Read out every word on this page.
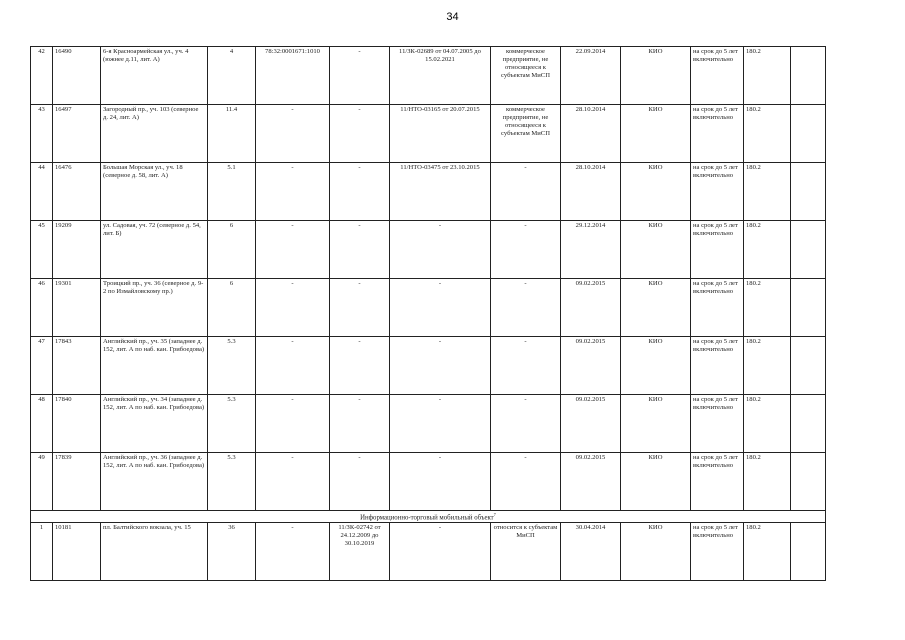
34
42	16490	6-я Красноармейская ул., уч. 4 (южнее д.11, лит. А)	4	78:32:0001671:1010	-	11/ЗК-02689 от 04.07.2005 до 15.02.2021	коммерческое предприятие, не относящееся к субъектам МиСП	22.09.2014	КИО	на срок до 5 лет включительно	180.2	
43	16497	Загородный пр., уч. 103 (северное д. 24, лит. А)	11.4	-	-	11/НТО-03165 от 20.07.2015	коммерческое предприятие, не относящееся к субъектам МиСП	28.10.2014	КИО	на срок до 5 лет включительно	180.2	
44	16476	Большая Морская ул., уч. 18 (северное д. 58, лит. А)	5.1	-	-	11/НТО-03475 от 23.10.2015	-	28.10.2014	КИО	на срок до 5 лет включительно	180.2	
45	19209	ул. Садовая, уч. 72 (северное д. 54, лит. Б)	6	-	-	-	-	29.12.2014	КИО	на срок до 5 лет включительно	180.2	
46	19301	Троицкий пр., уч. 36 (северное д. 9-2 по Измайловскому пр.)	6	-	-	-	-	09.02.2015	КИО	на срок до 5 лет включительно	180.2	
47	17843	Английский пр., уч. 35 (западнее д. 152, лит. А по наб. кан. Грибоедова)	5.3	-	-	-	-	09.02.2015	КИО	на срок до 5 лет включительно	180.2	
48	17840	Английский пр., уч. 34 (западнее д. 152, лит. А по наб. кан. Грибоедова)	5.3	-	-	-	-	09.02.2015	КИО	на срок до 5 лет включительно	180.2	
49	17839	Английский пр., уч. 36 (западнее д. 152, лит. А по наб. кан. Грибоедова)	5.3	-	-	-	-	09.02.2015	КИО	на срок до 5 лет включительно	180.2	
Информационно-торговый мобильный объект$^7$
1	10181	пл. Балтийского вокзала, уч. 15	36	-	11/ЗК-02742 от 24.12.2009 до 30.10.2019	-	относится к субъектам МиСП	30.04.2014	КИО	на срок до 5 лет включительно	180.2	
